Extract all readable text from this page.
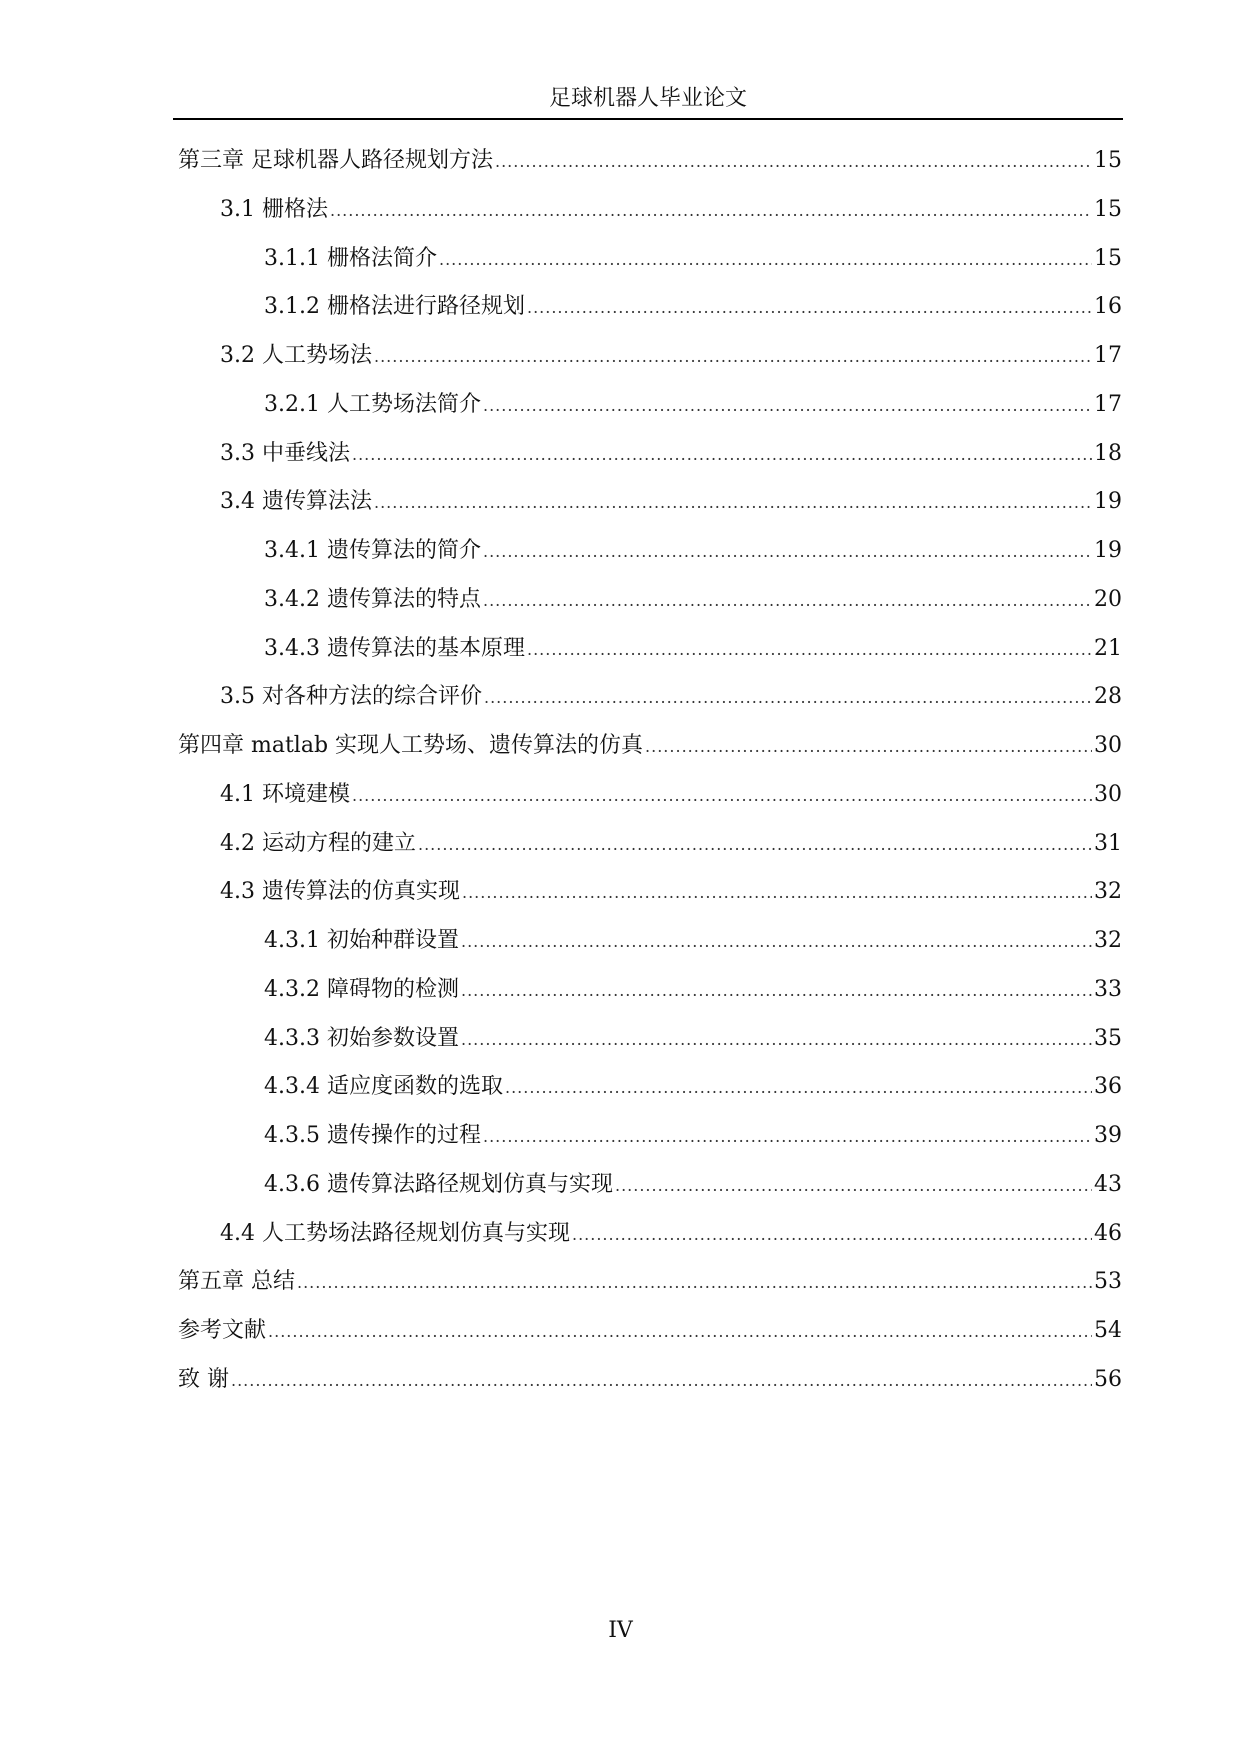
足球机器人毕业论文
第三章 足球机器人路径规划方法 .....	15
3.1 栅格法 .....	15
3.1.1 栅格法简介 .....	15
3.1.2 栅格法进行路径规划 .....	16
3.2 人工势场法 .....	17
3.2.1 人工势场法简介 .....	17
3.3 中垂线法 .....	18
3.4 遗传算法法 .....	19
3.4.1 遗传算法的简介 .....	19
3.4.2 遗传算法的特点 .....	20
3.4.3 遗传算法的基本原理 .....	21
3.5 对各种方法的综合评价 .....	28
第四章 matlab 实现人工势场、遗传算法的仿真 .....	30
4.1 环境建模 .....	30
4.2 运动方程的建立 .....	31
4.3 遗传算法的仿真实现 .....	32
4.3.1 初始种群设置 .....	32
4.3.2 障碍物的检测 .....	33
4.3.3 初始参数设置 .....	35
4.3.4 适应度函数的选取 .....	36
4.3.5 遗传操作的过程 .....	39
4.3.6 遗传算法路径规划仿真与实现 .....	43
4.4 人工势场法路径规划仿真与实现 .....	46
第五章 总结 .....	53
参考文献 .....	54
致 谢 .....	56
IV
